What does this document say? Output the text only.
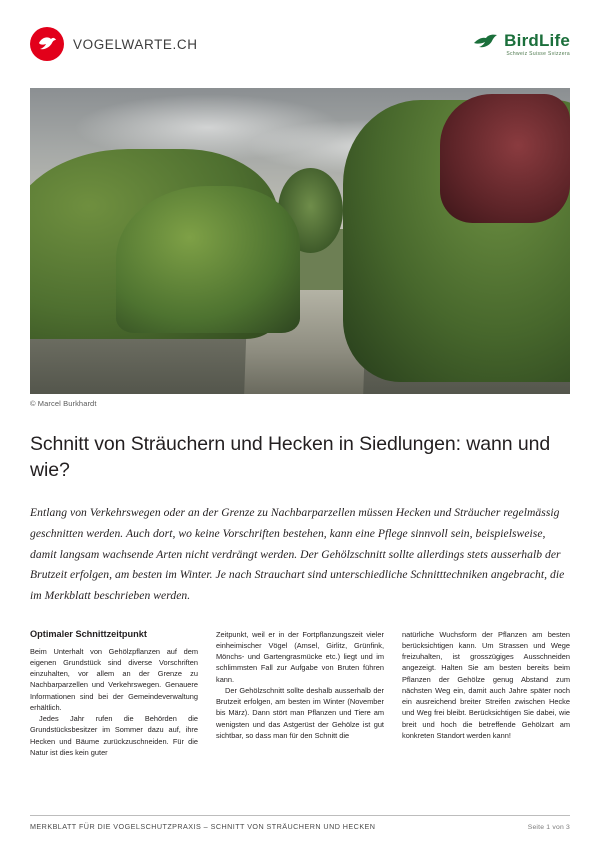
VOGELWARTE.CH	BirdLife
Schweiz Suisse Svizzera
© Marcel Burkhardt
Schnitt von Sträuchern und Hecken in Siedlungen: wann und wie?
Entlang von Verkehrswegen oder an der Grenze zu Nachbarparzellen müssen Hecken und Sträucher regelmässig geschnitten werden. Auch dort, wo keine Vorschriften bestehen, kann eine Pflege sinnvoll sein, beispielsweise, damit langsam wachsende Arten nicht verdrängt werden. Der Gehölzschnitt sollte allerdings stets ausserhalb der Brutzeit erfolgen, am besten im Winter. Je nach Strauchart sind unterschiedliche Schnitttechniken angebracht, die im Merkblatt beschrieben werden.
Optimaler Schnittzeitpunkt

Beim Unterhalt von Gehölzpflanzen auf dem eigenen Grundstück sind diverse Vorschriften einzuhalten, vor allem an der Grenze zu Nachbarparzellen und Verkehrswegen. Genauere Informationen sind bei der Gemeindeverwaltung erhältlich.

Jedes Jahr rufen die Behörden die Grundstücksbesitzer im Sommer dazu auf, ihre Hecken und Bäume zurückzuschneiden. Für die Natur ist dies kein guter

Zeitpunkt, weil er in der Fortpflanzungszeit vieler einheimischer Vögel (Amsel, Girlitz, Grünfink, Mönchs- und Gartengrasmücke etc.) liegt und im schlimmsten Fall zur Aufgabe von Bruten führen kann.

Der Gehölzschnitt sollte deshalb ausserhalb der Brutzeit erfolgen, am besten im Winter (November bis März). Dann stört man Pflanzen und Tiere am wenigsten und das Astgerüst der Gehölze ist gut sichtbar, so dass man für den Schnitt die

natürliche Wuchsform der Pflanzen am besten berücksichtigen kann. Um Strassen und Wege freizuhalten, ist grosszügiges Ausschneiden angezeigt. Halten Sie am besten bereits beim Pflanzen der Gehölze genug Abstand zum nächsten Weg ein, damit auch Jahre später noch ein ausreichend breiter Streifen zwischen Hecke und Weg frei bleibt. Berücksichtigen Sie dabei, wie breit und hoch die betreffende Gehölzart am konkreten Standort werden kann!

MERKBLATT FÜR DIE VOGELSCHUTZPRAXIS – SCHNITT VON STRÄUCHERN UND HECKEN	Seite 1 von 3
